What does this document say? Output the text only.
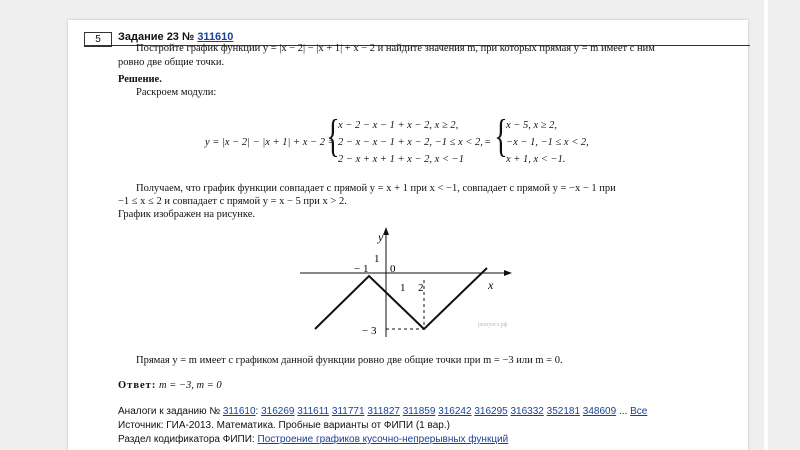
5	Задание 23 № 311610
Постройте график функции y = |x − 2| − |x + 1| + x − 2 и найдите значения m, при которых прямая y = m имеет с ним
ровно две общие точки.
Решение.
Раскроем модули:
y = |x − 2| − |x + 1| + x − 2 =
{
x − 2 − x − 1 + x − 2, x ≥ 2,
2 − x − x − 1 + x − 2, −1 ≤ x < 2,
2 − x + x + 1 + x − 2, x < −1
= {
x − 5, x ≥ 2,
−x − 1, −1 ≤ x < 2,
x + 1, x < −1.
Получаем, что график функции совпадает с прямой y = x + 1 при x < −1, совпадает с прямой y = −x − 1 при
−1 ≤ x ≤ 2 и совпадает с прямой y = x − 5 при x > 2.
График изображен на рисунке.
y
x
1
− 1 0
1 2
− 3	решуогэ.рф
Прямая y = m имеет с графиком данной функции ровно две общие точки при m = −3 или m = 0.
Ответ: m = −3, m = 0
Аналоги к заданию № 311610: 316269 311611 311771 311827 311859 316242 316295 316332 352181 348609 ... Все
Источник: ГИА-2013. Математика. Пробные варианты от ФИПИ (1 вар.)
Раздел кодификатора ФИПИ: Построение графиков кусочно-непрерывных функций
